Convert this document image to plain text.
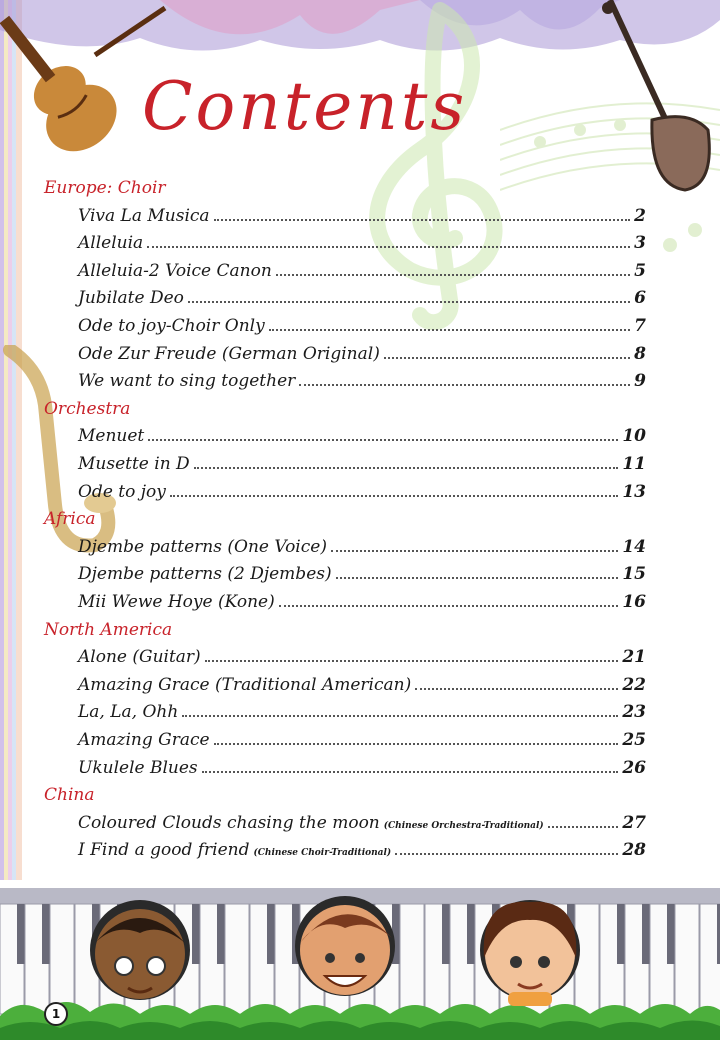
Contents
Europe: Choir
Viva La Musica	2
Alleluia	3
Alleluia-2 Voice Canon	5
Jubilate Deo	6
Ode to joy-Choir Only	7
Ode Zur Freude (German Original)	8
We want to sing together	9
Orchestra
Menuet	10
Musette in D	11
Ode to joy	13
Africa
Djembe patterns (One Voice)	14
Djembe patterns (2 Djembes)	15
Mii Wewe Hoye (Kone)	16
North America
Alone (Guitar)	21
Amazing Grace (Traditional American)	22
La, La, Ohh	23
Amazing Grace	25
Ukulele Blues	26
China
Coloured Clouds chasing the moon (Chinese Orchestra-Traditional)	27
I Find a good friend (Chinese Choir-Traditional)	28
1
